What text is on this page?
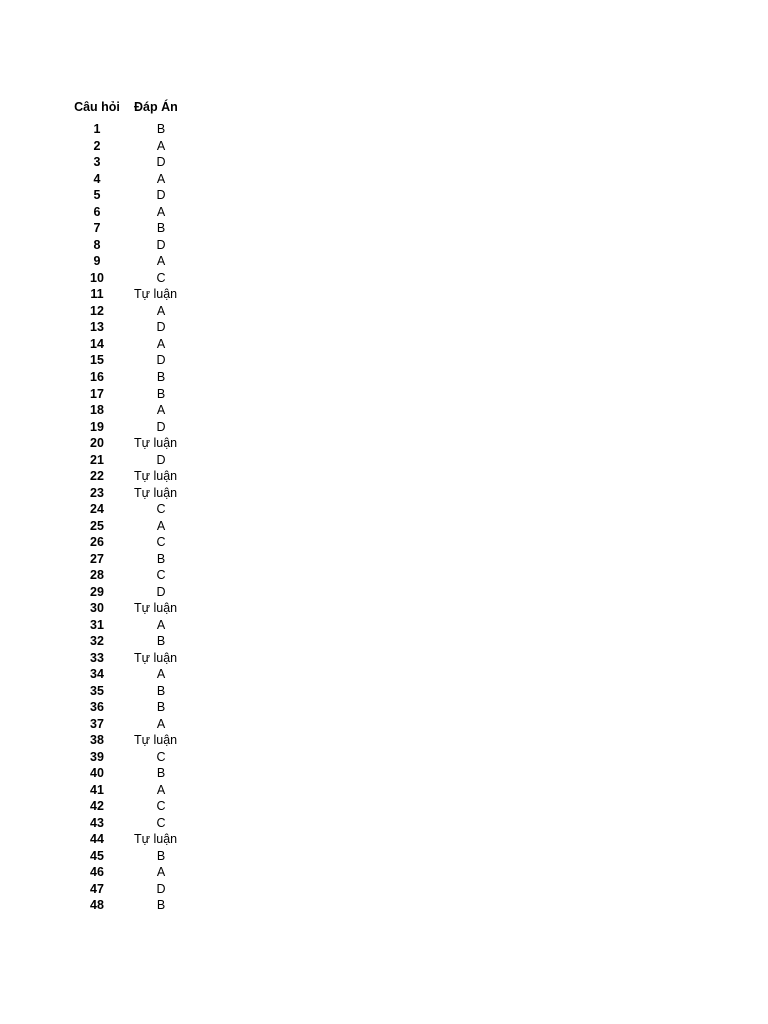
Câu hỏi	Đáp Án
1	B
2	A
3	D
4	A
5	D
6	A
7	B
8	D
9	A
10	C
11	Tự luận
12	A
13	D
14	A
15	D
16	B
17	B
18	A
19	D
20	Tự luận
21	D
22	Tự luận
23	Tự luận
24	C
25	A
26	C
27	B
28	C
29	D
30	Tự luận
31	A
32	B
33	Tự luận
34	A
35	B
36	B
37	A
38	Tự luận
39	C
40	B
41	A
42	C
43	C
44	Tự luận
45	B
46	A
47	D
48	B
